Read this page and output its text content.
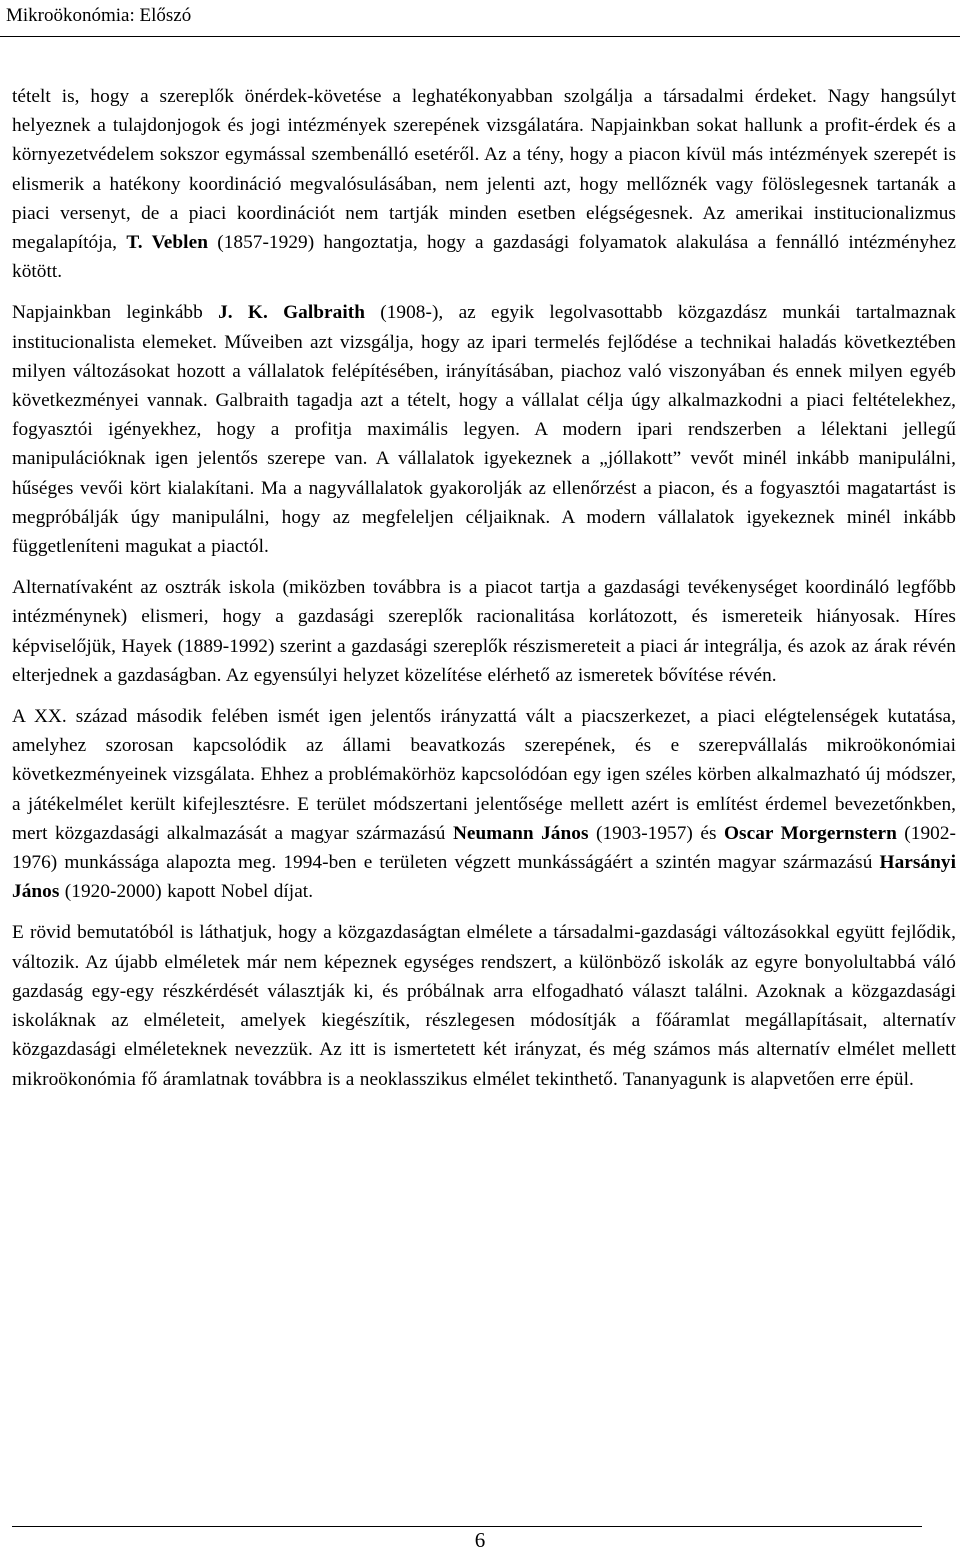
Mikroökonómia: Előszó

tételt is, hogy a szereplők önérdek-követése a leghatékonyabban szolgálja a társadalmi érdeket. Nagy hangsúlyt helyeznek a tulajdonjogok és jogi intézmények szerepének vizsgálatára. Napjainkban sokat hallunk a profit-érdek és a környezetvédelem sokszor egymással szembenálló esetéről. Az a tény, hogy a piacon kívül más intézmények szerepét is elismerik a hatékony koordináció megvalósulásában, nem jelenti azt, hogy mellőznék vagy fölöslegesnek tartanák a piaci versenyt, de a piaci koordinációt nem tartják minden esetben elégségesnek. Az amerikai institucionalizmus megalapítója, T. Veblen (1857-1929) hangoztatja, hogy a gazdasági folyamatok alakulása a fennálló intézményhez kötött.

Napjainkban leginkább J. K. Galbraith (1908-), az egyik legolvasottabb közgazdász munkái tartalmaznak institucionalista elemeket. Műveiben azt vizsgálja, hogy az ipari termelés fejlődése a technikai haladás következtében milyen változásokat hozott a vállalatok felépítésében, irányításában, piachoz való viszonyában és ennek milyen egyéb következményei vannak. Galbraith tagadja azt a tételt, hogy a vállalat célja úgy alkalmazkodni a piaci feltételekhez, fogyasztói igényekhez, hogy a profitja maximális legyen. A modern ipari rendszerben a lélektani jellegű manipulációknak igen jelentős szerepe van. A vállalatok igyekeznek a „jóllakott” vevőt minél inkább manipulálni, hűséges vevői kört kialakítani. Ma a nagyvállalatok gyakorolják az ellenőrzést a piacon, és a fogyasztói magatartást is megpróbálják úgy manipulálni, hogy az megfeleljen céljaiknak. A modern vállalatok igyekeznek minél inkább függetleníteni magukat a piactól.

Alternatívaként az osztrák iskola (miközben továbbra is a piacot tartja a gazdasági tevékenységet koordináló legfőbb intézménynek) elismeri, hogy a gazdasági szereplők racionalitása korlátozott, és ismereteik hiányosak. Híres képviselőjük, Hayek (1889-1992) szerint a gazdasági szereplők részismereteit a piaci ár integrálja, és azok az árak révén elterjednek a gazdaságban. Az egyensúlyi helyzet közelítése elérhető az ismeretek bővítése révén.

A XX. század második felében ismét igen jelentős irányzattá vált a piacszerkezet, a piaci elégtelenségek kutatása, amelyhez szorosan kapcsolódik az állami beavatkozás szerepének, és e szerepvállalás mikroökonómiai következményeinek vizsgálata. Ehhez a problémakörhöz kapcsolódóan egy igen széles körben alkalmazható új módszer, a játékelmélet került kifejlesztésre. E terület módszertani jelentősége mellett azért is említést érdemel bevezetőnkben, mert közgazdasági alkalmazását a magyar származású Neumann János (1903-1957) és Oscar Morgernstern (1902-1976) munkássága alapozta meg. 1994-ben e területen végzett munkásságáért a szintén magyar származású Harsányi János (1920-2000) kapott Nobel díjat.

E rövid bemutatóból is láthatjuk, hogy a közgazdaságtan elmélete a társadalmi-gazdasági változásokkal együtt fejlődik, változik. Az újabb elméletek már nem képeznek egységes rendszert, a különböző iskolák az egyre bonyolultabbá váló gazdaság egy-egy részkérdését választják ki, és próbálnak arra elfogadható választ találni. Azoknak a közgazdasági iskoláknak az elméleteit, amelyek kiegészítik, részlegesen módosítják a főáramlat megállapításait, alternatív közgazdasági elméleteknek nevezzük. Az itt is ismertetett két irányzat, és még számos más alternatív elmélet mellett mikroökonómia fő áramlatnak továbbra is a neoklasszikus elmélet tekinthető. Tananyagunk is alapvetően erre épül.

6
